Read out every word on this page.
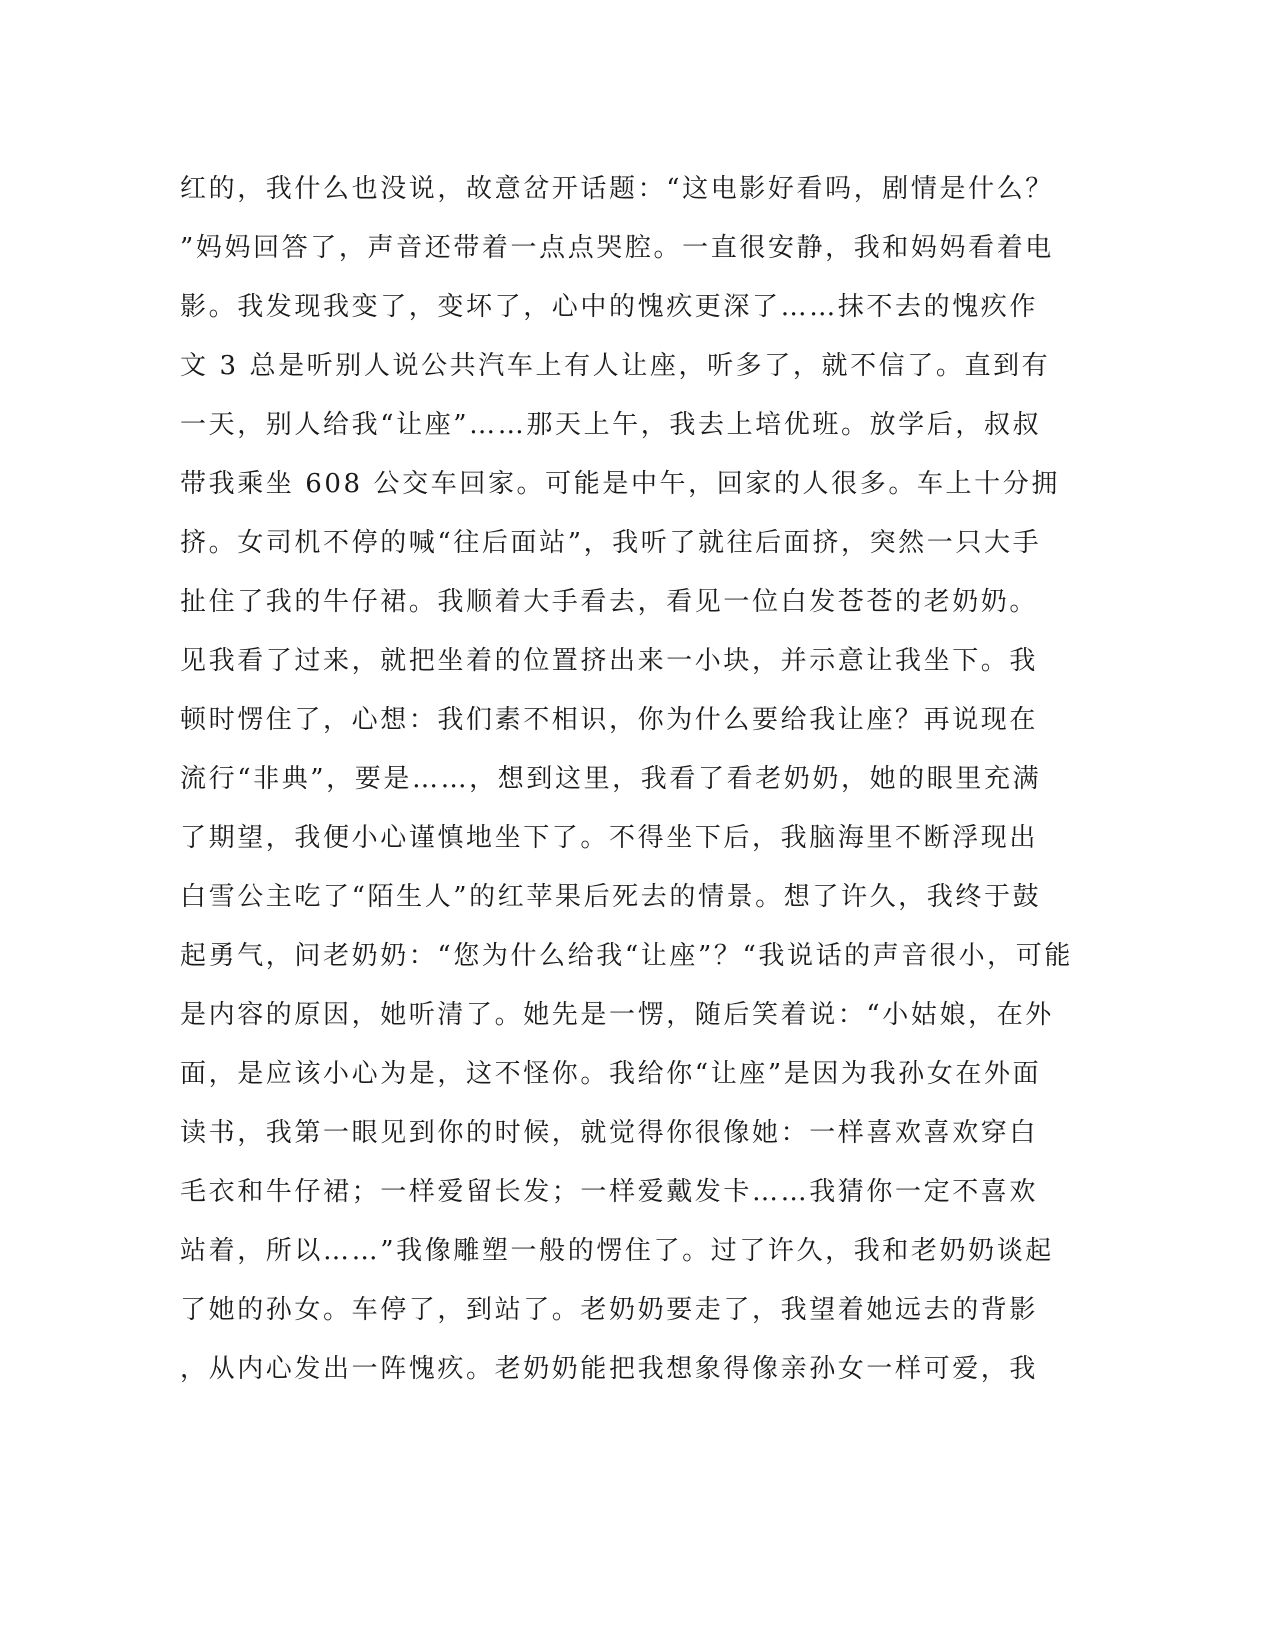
红的，我什么也没说，故意岔开话题：“这电影好看吗，剧情是什么？
”妈妈回答了，声音还带着一点点哭腔。一直很安静，我和妈妈看着电
影。我发现我变了，变坏了，心中的愧疚更深了……抹不去的愧疚作
文 3 总是听别人说公共汽车上有人让座，听多了，就不信了。直到有
一天，别人给我“让座”……那天上午，我去上培优班。放学后，叔叔
带我乘坐 608 公交车回家。可能是中午，回家的人很多。车上十分拥
挤。女司机不停的喊“往后面站”，我听了就往后面挤，突然一只大手
扯住了我的牛仔裙。我顺着大手看去，看见一位白发苍苍的老奶奶。
见我看了过来，就把坐着的位置挤出来一小块，并示意让我坐下。我
顿时愣住了，心想：我们素不相识，你为什么要给我让座？再说现在
流行“非典”，要是……，想到这里，我看了看老奶奶，她的眼里充满
了期望，我便小心谨慎地坐下了。不得坐下后，我脑海里不断浮现出
白雪公主吃了“陌生人”的红苹果后死去的情景。想了许久，我终于鼓
起勇气，问老奶奶：“您为什么给我“让座”？“我说话的声音很小，可能
是内容的原因，她听清了。她先是一愣，随后笑着说：“小姑娘，在外
面，是应该小心为是，这不怪你。我给你“让座”是因为我孙女在外面
读书，我第一眼见到你的时候，就觉得你很像她：一样喜欢喜欢穿白
毛衣和牛仔裙；一样爱留长发；一样爱戴发卡……我猜你一定不喜欢
站着，所以……”我像雕塑一般的愣住了。过了许久，我和老奶奶谈起
了她的孙女。车停了，到站了。老奶奶要走了，我望着她远去的背影
，从内心发出一阵愧疚。老奶奶能把我想象得像亲孙女一样可爱，我
